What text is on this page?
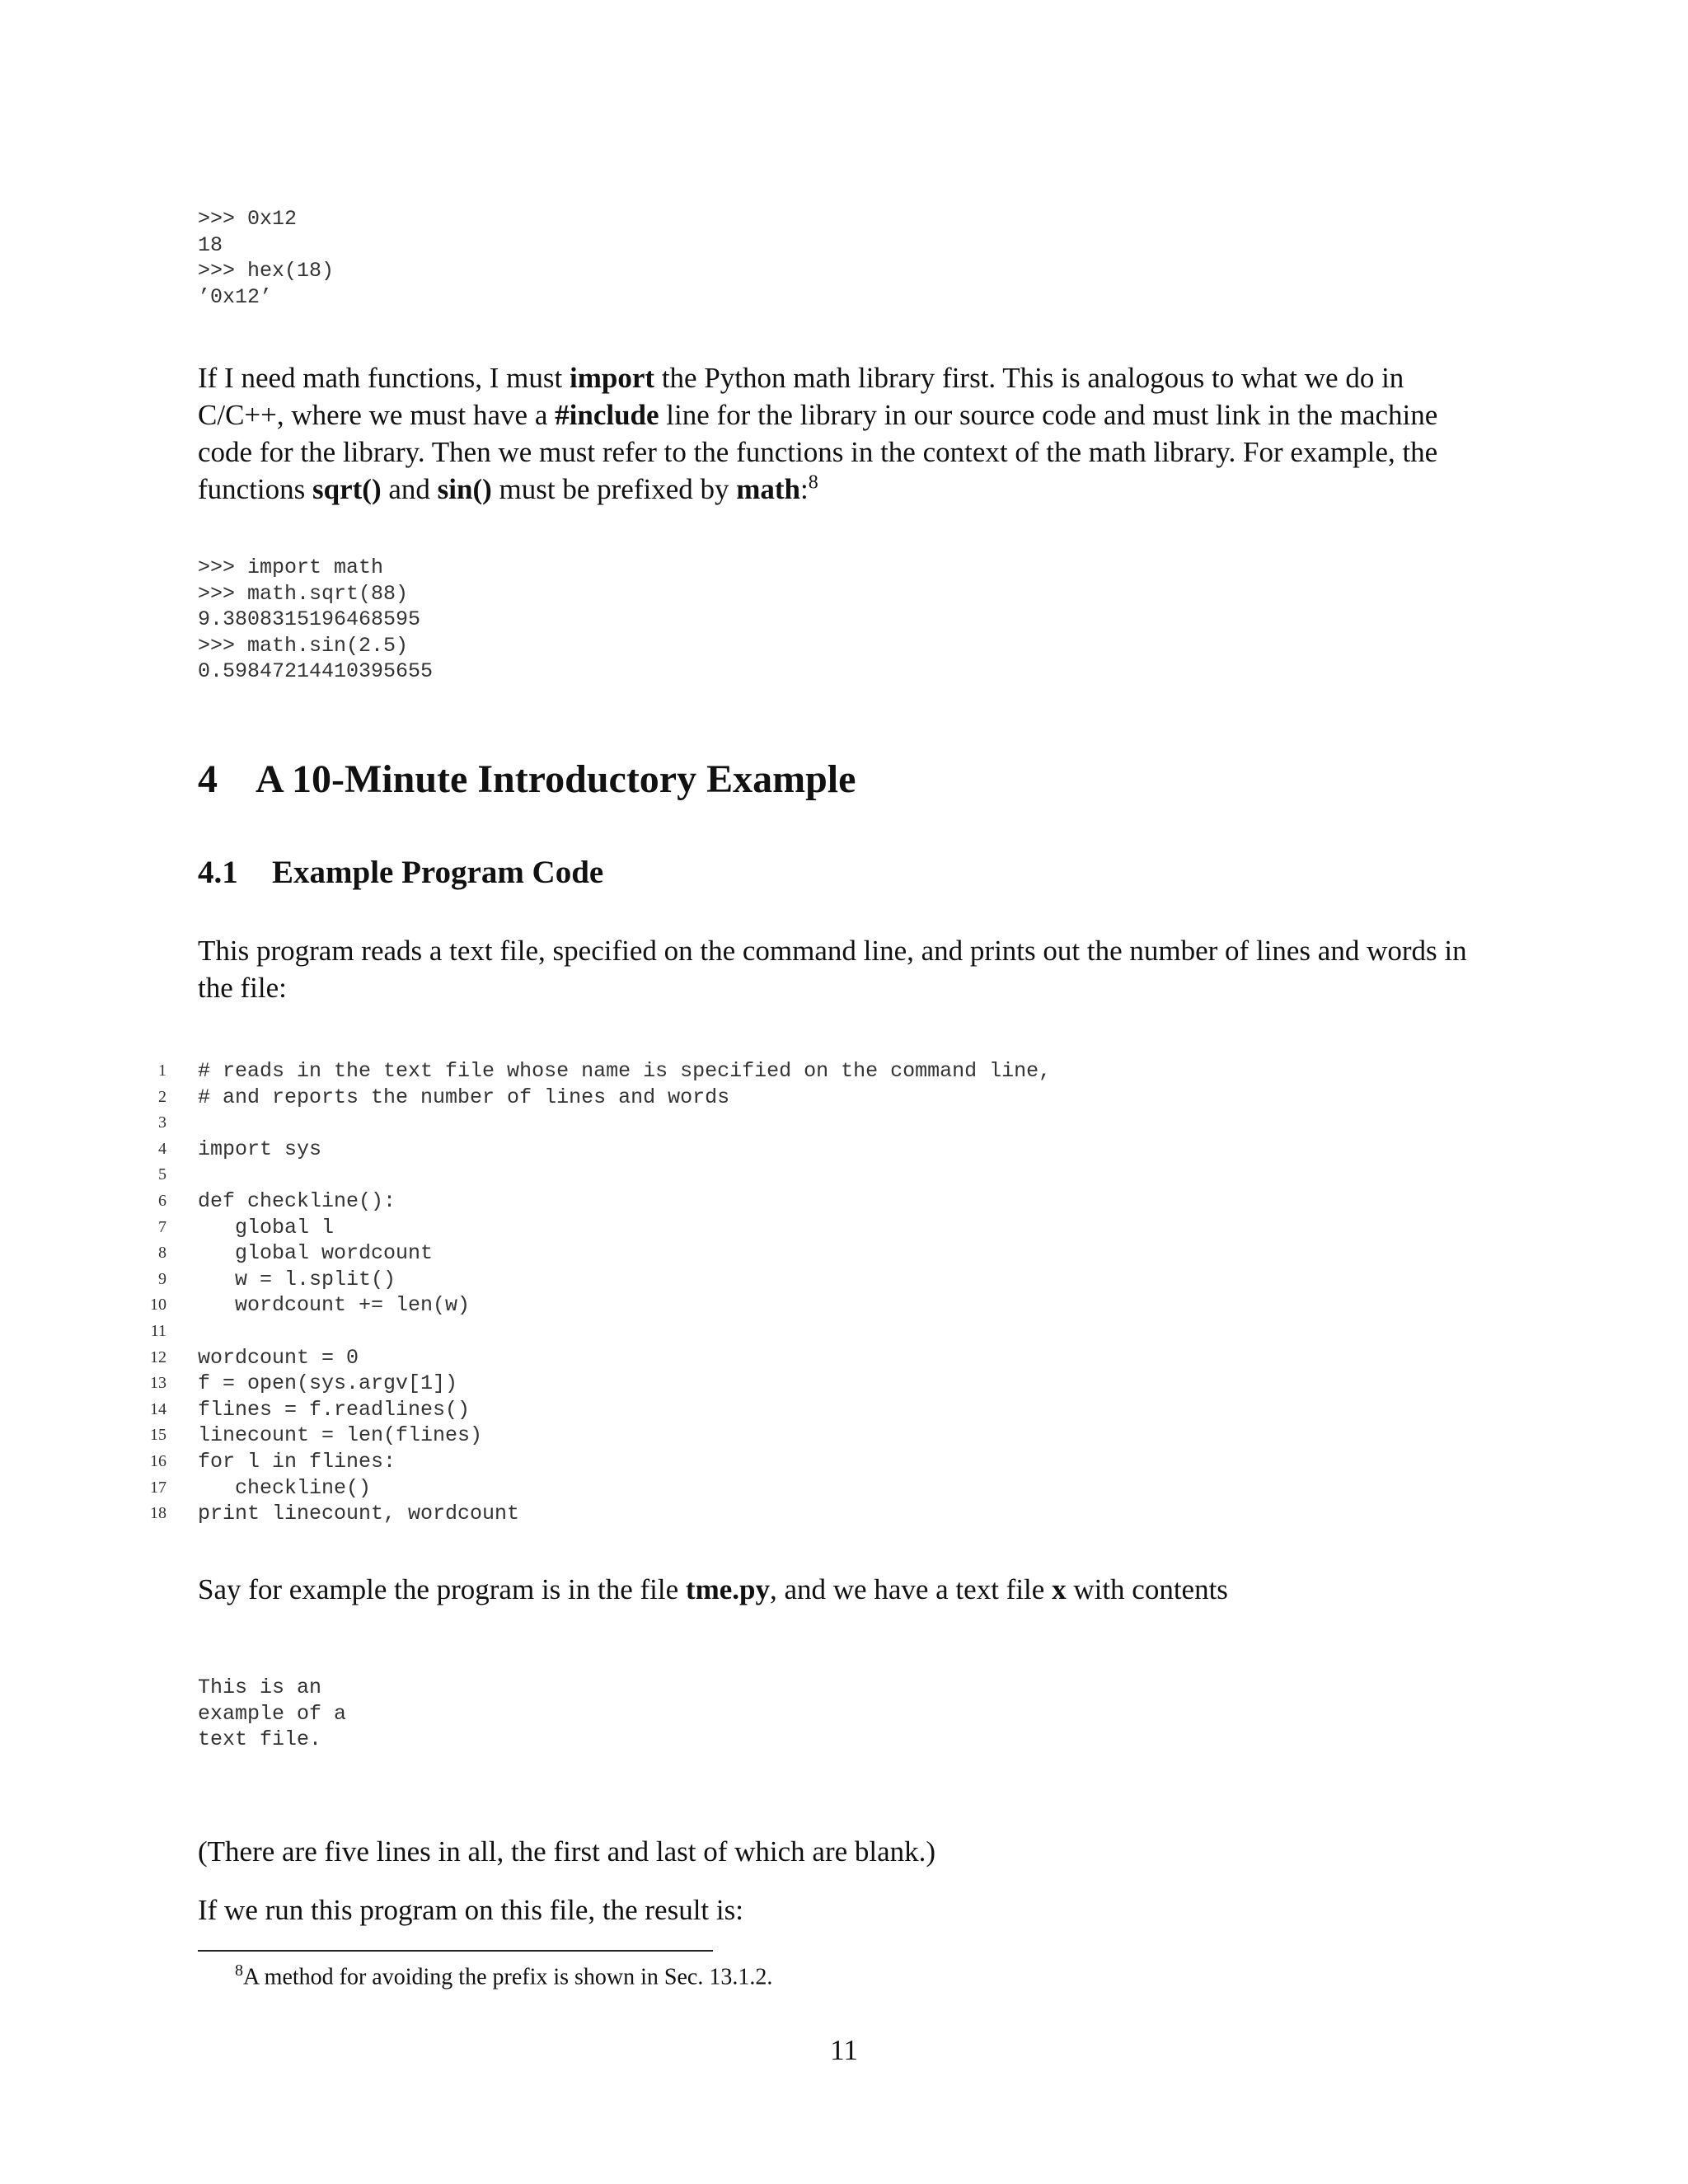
>>> 0x12
18
>>> hex(18)
’0x12’

If I need math functions, I must import the Python math library first. This is analogous to what we do in C/C++, where we must have a #include line for the library in our source code and must link in the machine code for the library. Then we must refer to the functions in the context of the math library. For example, the functions sqrt() and sin() must be prefixed by math:$^8$

>>> import math
>>> math.sqrt(88)
9.3808315196468595
>>> math.sin(2.5)
0.59847214410395655
4 A 10-Minute Introductory Example
4.1 Example Program Code

This program reads a text file, specified on the command line, and prints out the number of lines and words in the file:

1 # reads in the text file whose name is specified on the command line,
2 # and reports the number of lines and words
3
4 import sys
5
6 def checkline():
7 global l
8 global wordcount
9 w = l.split()
10 wordcount += len(w)
11
12 wordcount = 0
13 f = open(sys.argv[1])
14 flines = f.readlines()
15 linecount = len(flines)
16 for l in flines:
17 checkline()
18 print linecount, wordcount

Say for example the program is in the file tme.py, and we have a text file x with contents

This is an
example of a
text file.

(There are five lines in all, the first and last of which are blank.)

If we run this program on this file, the result is:

$^8$A method for avoiding the prefix is shown in Sec. 13.1.2.

11
